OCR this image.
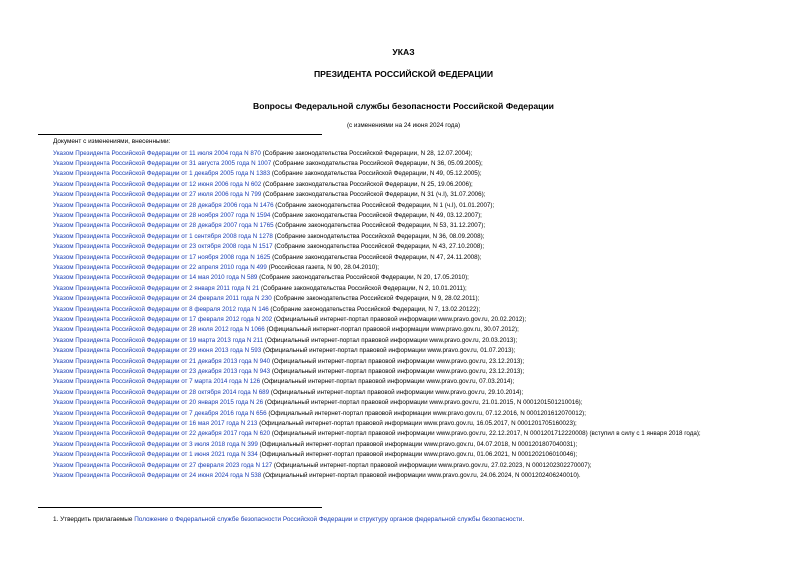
УКАЗ
ПРЕЗИДЕНТА РОССИЙСКОЙ ФЕДЕРАЦИИ
Вопросы Федеральной службы безопасности Российской Федерации
(с изменениями на 24 июня 2024 года)
Документ с изменениями, внесенными:
Указом Президента Российской Федерации от 11 июля 2004 года N 870 (Собрание законодательства Российской Федерации, N 28, 12.07.2004);
Указом Президента Российской Федерации от 31 августа 2005 года N 1007 (Собрание законодательства Российской Федерации, N 36, 05.09.2005);
Указом Президента Российской Федерации от 1 декабря 2005 года N 1383 (Собрание законодательства Российской Федерации, N 49, 05.12.2005);
Указом Президента Российской Федерации от 12 июня 2006 года N 602 (Собрание законодательства Российской Федерации, N 25, 19.06.2006);
Указом Президента Российской Федерации от 27 июля 2006 года N 799 (Собрание законодательства Российской Федерации, N 31 (ч.I), 31.07.2006);
Указом Президента Российской Федерации от 28 декабря 2006 года N 1476 (Собрание законодательства Российской Федерации, N 1 (ч.I), 01.01.2007);
Указом Президента Российской Федерации от 28 ноября 2007 года N 1594 (Собрание законодательства Российской Федерации, N 49, 03.12.2007);
Указом Президента Российской Федерации от 28 декабря 2007 года N 1765 (Собрание законодательства Российской Федерации, N 53, 31.12.2007);
Указом Президента Российской Федерации от 1 сентября 2008 года N 1278 (Собрание законодательства Российской Федерации, N 36, 08.09.2008);
Указом Президента Российской Федерации от 23 октября 2008 года N 1517 (Собрание законодательства Российской Федерации, N 43, 27.10.2008);
Указом Президента Российской Федерации от 17 ноября 2008 года N 1625 (Собрание законодательства Российской Федерации, N 47, 24.11.2008);
Указом Президента Российской Федерации от 22 апреля 2010 года N 499 (Российская газета, N 90, 28.04.2010);
Указом Президента Российской Федерации от 14 мая 2010 года N 589 (Собрание законодательства Российской Федерации, N 20, 17.05.2010);
Указом Президента Российской Федерации от 2 января 2011 года N 21 (Собрание законодательства Российской Федерации, N 2, 10.01.2011);
Указом Президента Российской Федерации от 24 февраля 2011 года N 230 (Собрание законодательства Российской Федерации, N 9, 28.02.2011);
Указом Президента Российской Федерации от 8 февраля 2012 года N 146 (Собрание законодательства Российской Федерации, N 7, 13.02.20122);
Указом Президента Российской Федерации от 17 февраля 2012 года N 202 (Официальный интернет-портал правовой информации www.pravo.gov.ru, 20.02.2012);
Указом Президента Российской Федерации от 28 июля 2012 года N 1066 (Официальный интернет-портал правовой информации www.pravo.gov.ru, 30.07.2012);
Указом Президента Российской Федерации от 19 марта 2013 года N 211 (Официальный интернет-портал правовой информации www.pravo.gov.ru, 20.03.2013);
Указом Президента Российской Федерации от 29 июня 2013 года N 593 (Официальный интернет-портал правовой информации www.pravo.gov.ru, 01.07.2013);
Указом Президента Российской Федерации от 21 декабря 2013 года N 940 (Официальный интернет-портал правовой информации www.pravo.gov.ru, 23.12.2013);
Указом Президента Российской Федерации от 23 декабря 2013 года N 943 (Официальный интернет-портал правовой информации www.pravo.gov.ru, 23.12.2013);
Указом Президента Российской Федерации от 7 марта 2014 года N 126 (Официальный интернет-портал правовой информации www.pravo.gov.ru, 07.03.2014);
Указом Президента Российской Федерации от 28 октября 2014 года N 689 (Официальный интернет-портал правовой информации www.pravo.gov.ru, 29.10.2014);
Указом Президента Российской Федерации от 20 января 2015 года N 26 (Официальный интернет-портал правовой информации www.pravo.gov.ru, 21.01.2015, N 0001201501210016);
Указом Президента Российской Федерации от 7 декабря 2016 года N 656 (Официальный интернет-портал правовой информации www.pravo.gov.ru, 07.12.2016, N 0001201612070012);
Указом Президента Российской Федерации от 16 мая 2017 года N 213 (Официальный интернет-портал правовой информации www.pravo.gov.ru, 16.05.2017, N 0001201705160023);
Указом Президента Российской Федерации от 22 декабря 2017 года N 620 (Официальный интернет-портал правовой информации www.pravo.gov.ru, 22.12.2017, N 0001201712220008) (вступил в силу с 1 января 2018 года);
Указом Президента Российской Федерации от 3 июля 2018 года N 399 (Официальный интернет-портал правовой информации www.pravo.gov.ru, 04.07.2018, N 0001201807040031);
Указом Президента Российской Федерации от 1 июня 2021 года N 334 (Официальный интернет-портал правовой информации www.pravo.gov.ru, 01.06.2021, N 0001202106010046);
Указом Президента Российской Федерации от 27 февраля 2023 года N 127 (Официальный интернет-портал правовой информации www.pravo.gov.ru, 27.02.2023, N 0001202302270007);
Указом Президента Российской Федерации от 24 июня 2024 года N 538 (Официальный интернет-портал правовой информации www.pravo.gov.ru, 24.06.2024, N 0001202406240010).
1. Утвердить прилагаемые Положение о Федеральной службе безопасности Российской Федерации и структуру органов федеральной службы безопасности.
